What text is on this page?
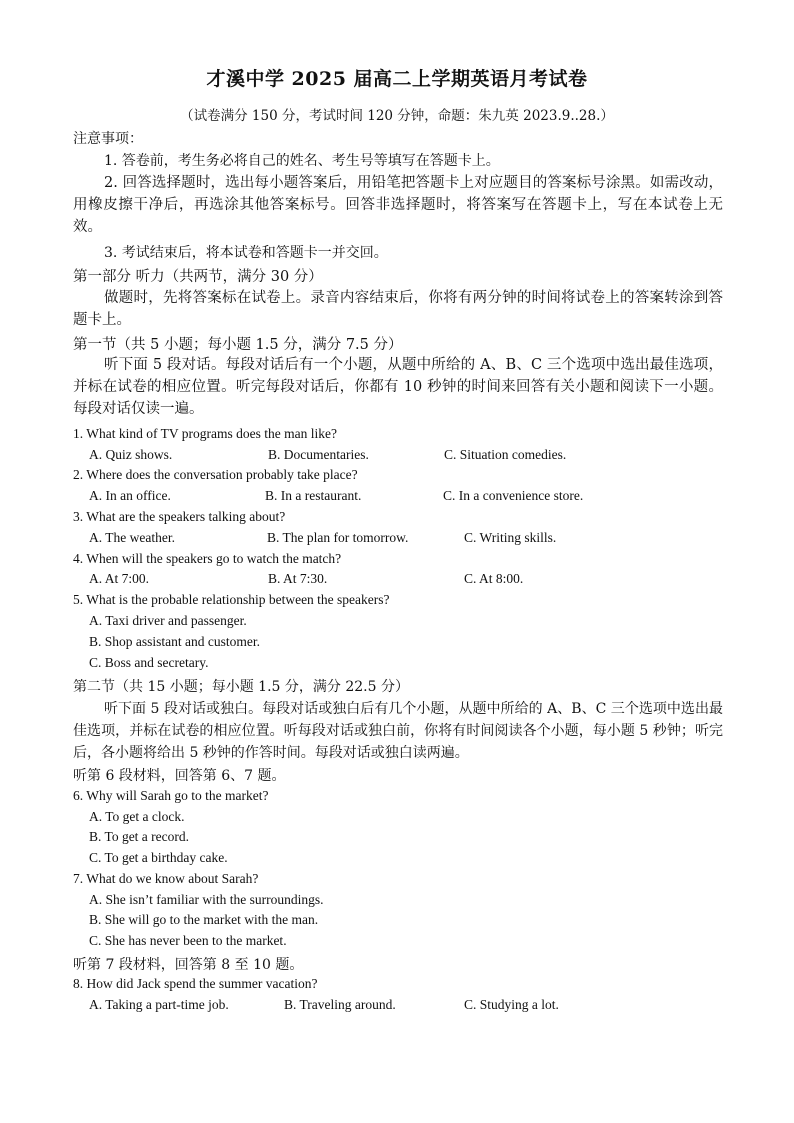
才溪中学 2025 届高二上学期英语月考试卷
（试卷满分 150 分，考试时间 120 分钟，命题：朱九英 2023.9..28.）
注意事项：
1. 答卷前，考生务必将自己的姓名、考生号等填写在答题卡上。
2. 回答选择题时，选出每小题答案后，用铅笔把答题卡上对应题目的答案标号涂黑。如需改动，用橡皮擦干净后，再选涂其他答案标号。回答非选择题时，将答案写在答题卡上，写在本试卷上无效。
3. 考试结束后，将本试卷和答题卡一并交回。
第一部分 听力（共两节，满分 30 分）
做题时，先将答案标在试卷上。录音内容结束后，你将有两分钟的时间将试卷上的答案转涂到答题卡上。
第一节（共 5 小题；每小题 1.5 分，满分 7.5 分）
听下面 5 段对话。每段对话后有一个小题，从题中所给的 A、B、C 三个选项中选出最佳选项，并标在试卷的相应位置。听完每段对话后，你都有 10 秒钟的时间来回答有关小题和阅读下一小题。每段对话仅读一遍。
1. What kind of TV programs does the man like?
A. Quiz shows.	B. Documentaries.	C. Situation comedies.
2. Where does the conversation probably take place?
A. In an office.	B. In a restaurant.	C. In a convenience store.
3. What are the speakers talking about?
A. The weather.	B. The plan for tomorrow.	C. Writing skills.
4. When will the speakers go to watch the match?
A. At 7:00.	B. At 7:30.	C. At 8:00.
5. What is the probable relationship between the speakers?
A. Taxi driver and passenger.
B. Shop assistant and customer.
C. Boss and secretary.
第二节（共 15 小题；每小题 1.5 分，满分 22.5 分）
听下面 5 段对话或独白。每段对话或独白后有几个小题，从题中所给的 A、B、C 三个选项中选出最佳选项，并标在试卷的相应位置。听每段对话或独白前，你将有时间阅读各个小题，每小题 5 秒钟；听完后，各小题将给出 5 秒钟的作答时间。每段对话或独白读两遍。
听第 6 段材料，回答第 6、7 题。
6. Why will Sarah go to the market?
A. To get a clock.
B. To get a record.
C. To get a birthday cake.
7. What do we know about Sarah?
A. She isn’t familiar with the surroundings.
B. She will go to the market with the man.
C. She has never been to the market.
听第 7 段材料，回答第 8 至 10 题。
8. How did Jack spend the summer vacation?
A. Taking a part-time job.	B. Traveling around.	C. Studying a lot.
